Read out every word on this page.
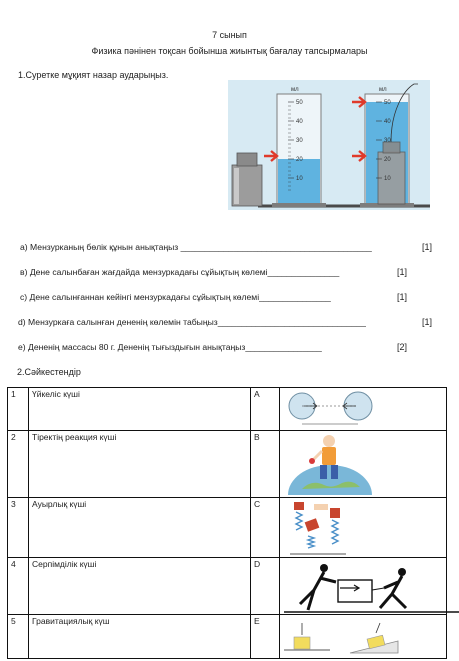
7 сынып
Физика пәнінен тоқсан бойынша жиынтық бағалау тапсырмалары
1.Суретке мұқият назар аударыңыз.
мл
50
40
30
20
10
мл
50
40
30
20
10
а) Мензурканың бөлік құнын анықтаңыз ________________________________________	[1]
в) Дене салынбаған жағдайда мензуркадағы сұйықтың көлемі_______________	[1]
с) Дене салынғаннан кейінгі мензуркадағы сұйықтың көлемі_______________	[1]
d) Мензуркаға салынған дененің көлемін табыңыз_______________________________	[1]
е) Дененің массасы 80 г. Дененің тығыздығын анықтаңыз________________	[2]
2.Сәйкестендір
1	Үйкеліс күші	A	

2	Тіректің реакция күші	B	

3	Ауырлық күші	C	

4	Серпімділік күші	D	

5	Гравитациялық күш	E	
